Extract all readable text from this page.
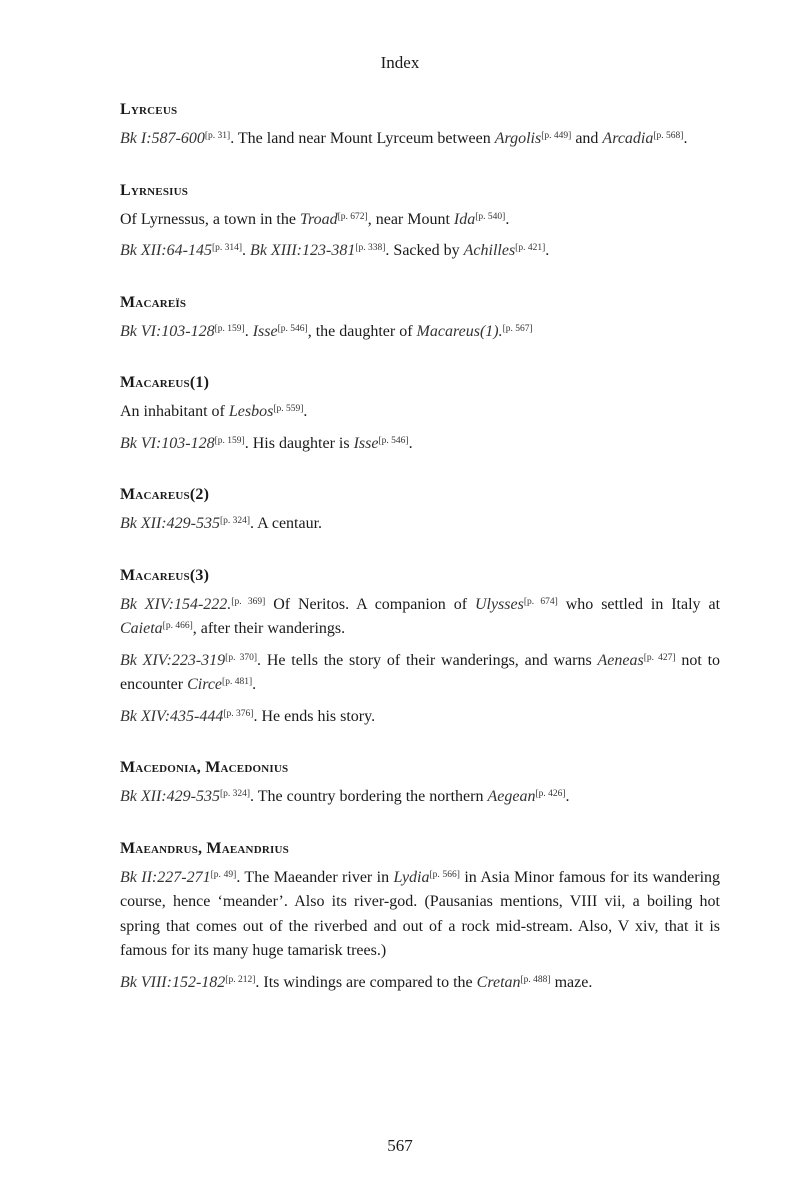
Index
Lyrceus
Bk I:587-600[p. 31]. The land near Mount Lyrceum between Argolis[p. 449] and Arcadia[p. 568].
Lyrnesius
Of Lyrnessus, a town in the Troad[p. 672], near Mount Ida[p. 540].
Bk XII:64-145[p. 314]. Bk XIII:123-381[p. 338]. Sacked by Achilles[p. 421].
Macareïs
Bk VI:103-128[p. 159]. Isse[p. 546], the daughter of Macareus(1).[p. 567]
Macareus(1)
An inhabitant of Lesbos[p. 559].
Bk VI:103-128[p. 159]. His daughter is Isse[p. 546].
Macareus(2)
Bk XII:429-535[p. 324]. A centaur.
Macareus(3)
Bk XIV:154-222.[p. 369] Of Neritos. A companion of Ulysses[p. 674] who settled in Italy at Caieta[p. 466], after their wanderings.
Bk XIV:223-319[p. 370]. He tells the story of their wanderings, and warns Aeneas[p. 427] not to encounter Circe[p. 481].
Bk XIV:435-444[p. 376]. He ends his story.
Macedonia, Macedonius
Bk XII:429-535[p. 324]. The country bordering the northern Aegean[p. 426].
Maeandrus, Maeandrius
Bk II:227-271[p. 49]. The Maeander river in Lydia[p. 566] in Asia Minor famous for its wandering course, hence ‘meander’. Also its river-god. (Pausanias mentions, VIII vii, a boiling hot spring that comes out of the riverbed and out of a rock mid-stream. Also, V xiv, that it is famous for its many huge tamarisk trees.)
Bk VIII:152-182[p. 212]. Its windings are compared to the Cretan[p. 488] maze.
567
